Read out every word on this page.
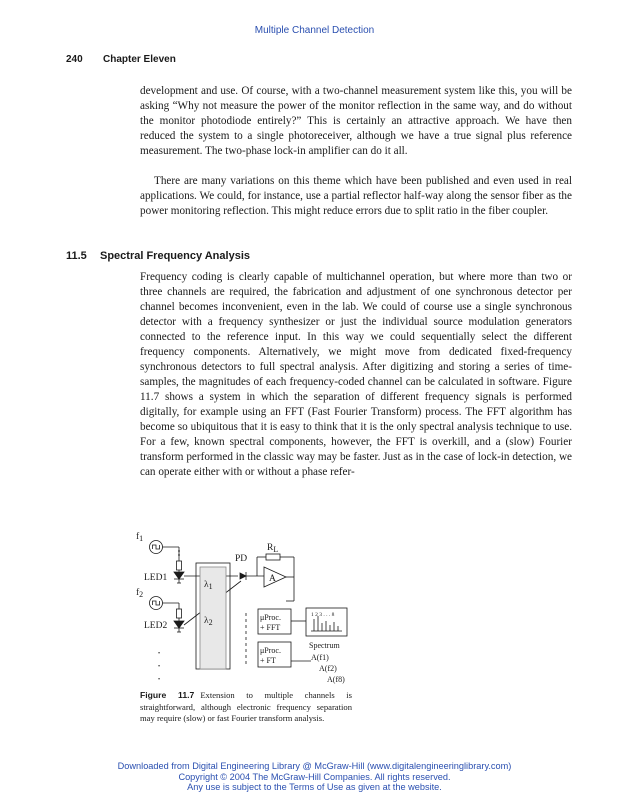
Multiple Channel Detection
240 Chapter Eleven

development and use. Of course, with a two-channel measurement system like this, you will be asking “Why not measure the power of the monitor reflection in the same way, and do without the monitor photodiode entirely?” This is certainly an attractive approach. We have then reduced the system to a single photoreceiver, although we have a true signal plus reference measurement. The two-phase lock-in amplifier can do it all.

There are many variations on this theme which have been published and even used in real applications. We could, for instance, use a partial reflector half-way along the sensor fiber as the power monitoring reflection. This might reduce errors due to split ratio in the fiber coupler.

11.5 Spectral Frequency Analysis

Frequency coding is clearly capable of multichannel operation, but where more than two or three channels are required, the fabrication and adjustment of one synchronous detector per channel becomes inconvenient, even in the lab. We could of course use a single synchronous detector with a frequency synthesizer or just the individual source modulation generators connected to the reference input. In this way we could sequentially select the different frequency components. Alternatively, we might move from dedicated fixed-frequency synchronous detectors to full spectral analysis. After digitizing and storing a series of time-samples, the magnitudes of each frequency-coded channel can be calculated in software. Figure 11.7 shows a system in which the separation of different frequency signals is performed digitally, for example using an FFT (Fast Fourier Transform) process. The FFT algorithm has become so ubiquitous that it is easy to think that it is the only spectral analysis technique to use. For a few, known spectral components, however, the FFT is overkill, and a (slow) Fourier transform performed in the classic way may be faster. Just as in the case of lock-in detection, we can operate either with or without a phase refer-

$f_1$
LED1
$f_2$
LED2
$\lambda_1$
$\lambda_2$
PD
$R_L$
A
μProc.
+ FFT
μProc.
+ FT
1 2 3 . . . 8
Spectrum
A(f1)
A(f2)
A(f8)
•
•
•
Figure 11.7 Extension to multiple channels is straightforward, although electronic frequency separation may require (slow) or fast Fourier transform analysis.
Downloaded from Digital Engineering Library @ McGraw-Hill (www.digitalengineeringlibrary.com)
Copyright © 2004 The McGraw-Hill Companies. All rights reserved.
Any use is subject to the Terms of Use as given at the website.
